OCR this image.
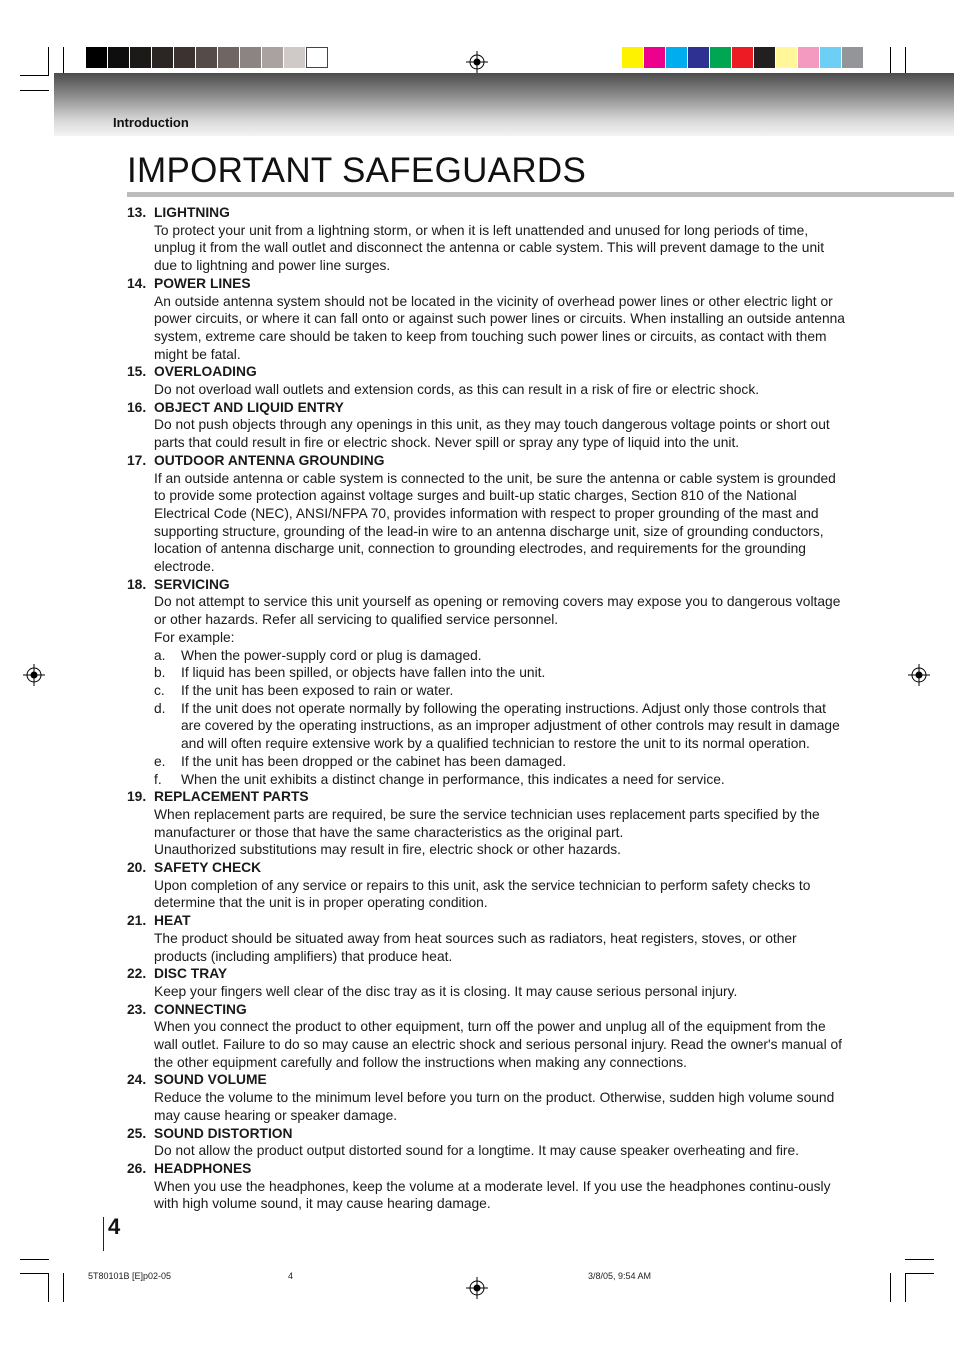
Introduction
IMPORTANT SAFEGUARDS
13. LIGHTNING

To protect your unit from a lightning storm, or when it is left unattended and unused for long periods of time, unplug it from the wall outlet and disconnect the antenna or cable system. This will prevent damage to the unit due to lightning and power line surges.

14. POWER LINES

An outside antenna system should not be located in the vicinity of overhead power lines or other electric light or power circuits, or where it can fall onto or against such power lines or circuits. When installing an outside antenna system, extreme care should be taken to keep from touching such power lines or circuits, as contact with them might be fatal.

15. OVERLOADING

Do not overload wall outlets and extension cords, as this can result in a risk of fire or electric shock.

16. OBJECT AND LIQUID ENTRY

Do not push objects through any openings in this unit, as they may touch dangerous voltage points or short out parts that could result in fire or electric shock. Never spill or spray any type of liquid into the unit.

17. OUTDOOR ANTENNA GROUNDING

If an outside antenna or cable system is connected to the unit, be sure the antenna or cable system is grounded to provide some protection against voltage surges and built-up static charges, Section 810 of the National Electrical Code (NEC), ANSI/NFPA 70, provides information with respect to proper grounding of the mast and supporting structure, grounding of the lead-in wire to an antenna discharge unit, size of grounding conductors, location of antenna discharge unit, connection to grounding electrodes, and requirements for the grounding electrode.

18. SERVICING

Do not attempt to service this unit yourself as opening or removing covers may expose you to dangerous voltage or other hazards. Refer all servicing to qualified service personnel.

For example:

a.	When the power-supply cord or plug is damaged.
b.	If liquid has been spilled, or objects have fallen into the unit.
c.	If the unit has been exposed to rain or water.
d.	If the unit does not operate normally by following the operating instructions. Adjust only those controls that are covered by the operating instructions, as an improper adjustment of other controls may result in damage and will often require extensive work by a qualified technician to restore the unit to its normal operation.
e.	If the unit has been dropped or the cabinet has been damaged.
f.	When the unit exhibits a distinct change in performance, this indicates a need for service.
19. REPLACEMENT PARTS

When replacement parts are required, be sure the service technician uses replacement parts specified by the manufacturer or those that have the same characteristics as the original part.

Unauthorized substitutions may result in fire, electric shock or other hazards.

20. SAFETY CHECK

Upon completion of any service or repairs to this unit, ask the service technician to perform safety checks to determine that the unit is in proper operating condition.

21. HEAT

The product should be situated away from heat sources such as radiators, heat registers, stoves, or other products (including amplifiers) that produce heat.

22. DISC TRAY

Keep your fingers well clear of the disc tray as it is closing. It may cause serious personal injury.

23. CONNECTING

When you connect the product to other equipment, turn off the power and unplug all of the equipment from the wall outlet. Failure to do so may cause an electric shock and serious personal injury. Read the owner's manual of the other equipment carefully and follow the instructions when making any connections.

24. SOUND VOLUME

Reduce the volume to the minimum level before you turn on the product. Otherwise, sudden high volume sound may cause hearing or speaker damage.

25. SOUND DISTORTION

Do not allow the product output distorted sound for a longtime. It may cause speaker overheating and fire.

26. HEADPHONES

When you use the headphones, keep the volume at a moderate level. If you use the headphones continu-ously with high volume sound, it may cause hearing damage.

4
5T80101B [E]p02-05	4	3/8/05, 9:54 AM
